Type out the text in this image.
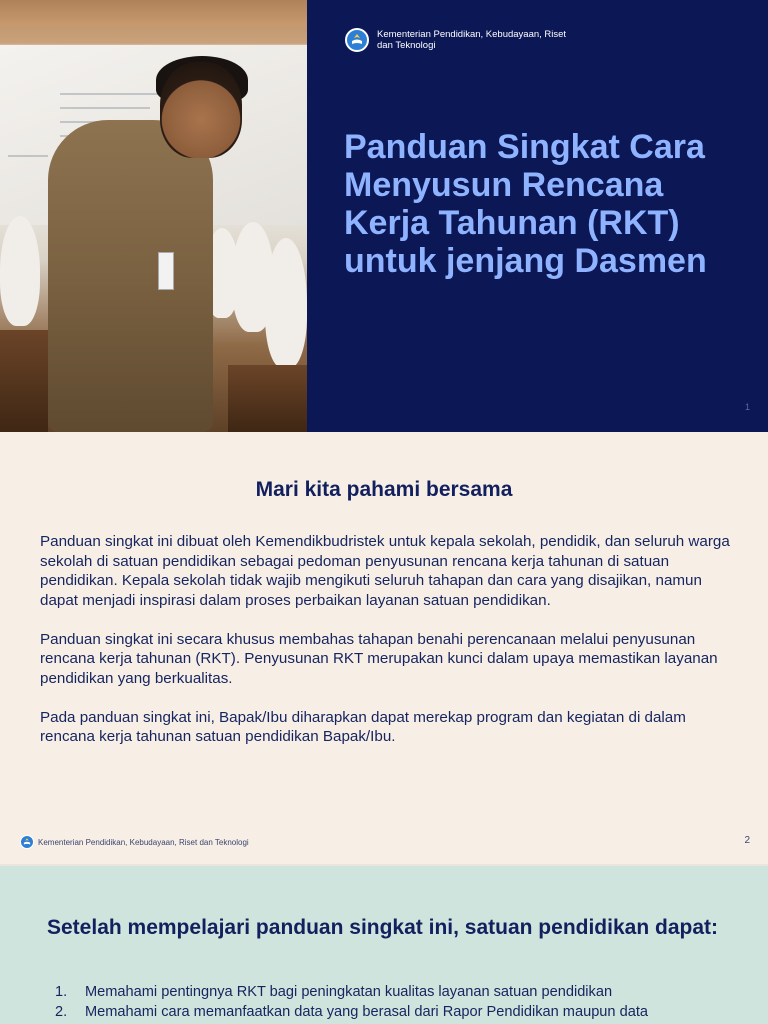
Kementerian Pendidikan, Kebudayaan, Riset dan Teknologi
Panduan Singkat Cara Menyusun Rencana Kerja Tahunan (RKT) untuk jenjang Dasmen
1
Mari kita pahami bersama

Panduan singkat ini dibuat oleh Kemendikbudristek untuk kepala sekolah, pendidik, dan seluruh warga sekolah di satuan pendidikan sebagai pedoman penyusunan rencana kerja tahunan di satuan pendidikan. Kepala sekolah tidak wajib mengikuti seluruh tahapan dan cara yang disajikan, namun dapat menjadi inspirasi dalam proses perbaikan layanan satuan pendidikan.

Panduan singkat ini secara khusus membahas tahapan benahi perencanaan melalui penyusunan rencana kerja tahunan (RKT). Penyusunan RKT merupakan kunci dalam upaya memastikan layanan pendidikan yang berkualitas.

Pada panduan singkat ini, Bapak/Ibu diharapkan dapat merekap program dan kegiatan di dalam rencana kerja tahunan satuan pendidikan Bapak/Ibu.

Kementerian Pendidikan, Kebudayaan, Riset dan Teknologi	2
Setelah mempelajari panduan singkat ini, satuan pendidikan dapat:
1.	Memahami pentingnya RKT bagi peningkatan kualitas layanan satuan pendidikan
2.	Memahami cara memanfaatkan data yang berasal dari Rapor Pendidikan maupun data
